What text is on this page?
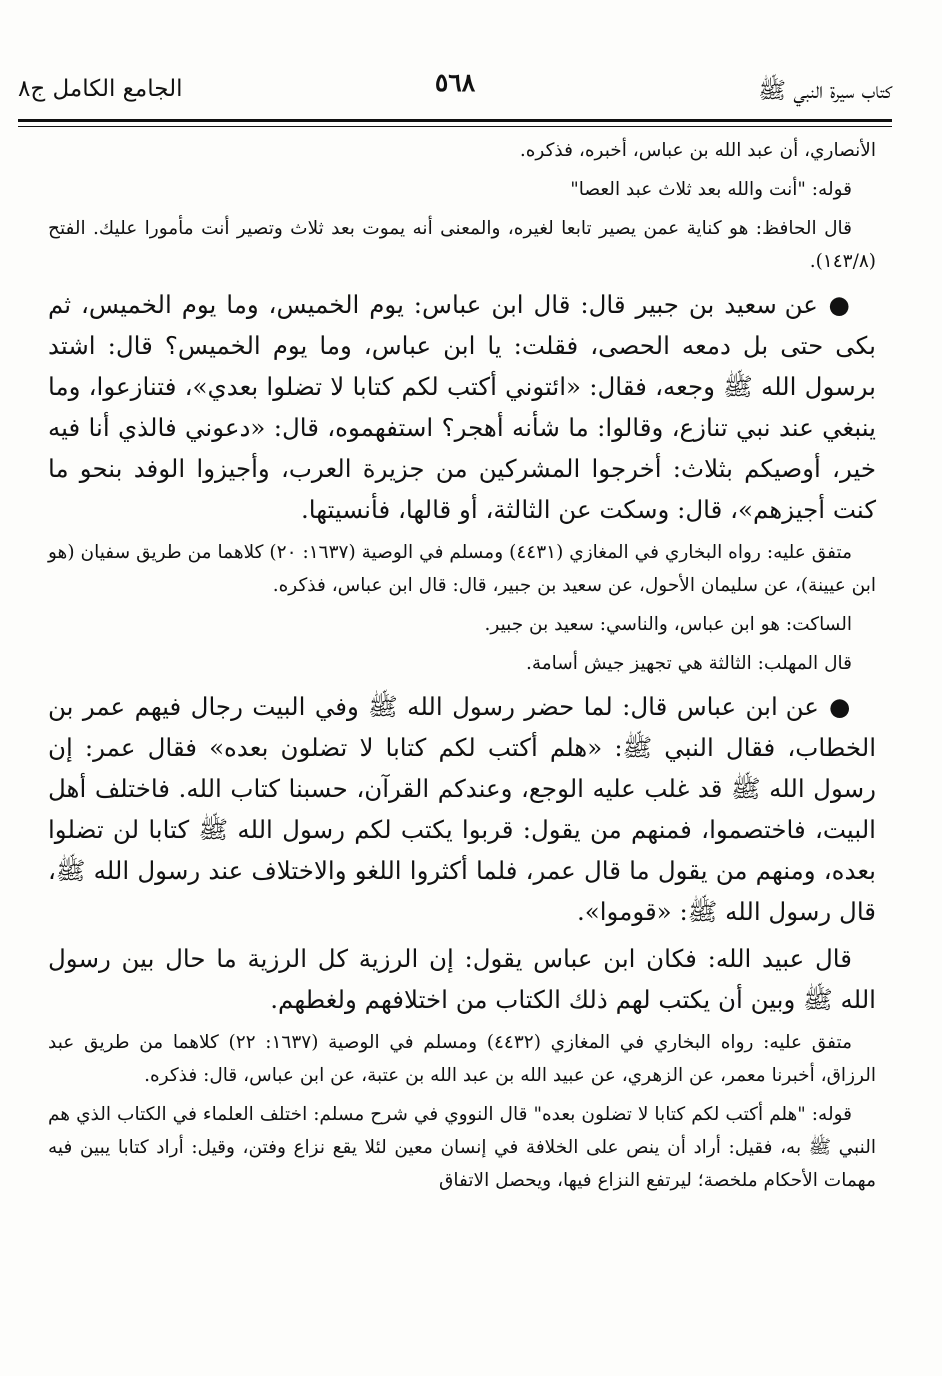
كتاب سيرة النبي ﷺ
٥٦٨
الجامع الكامل ج٨

الأنصاري، أن عبد الله بن عباس، أخبره، فذكره.

قوله: "أنت والله بعد ثلاث عبد العصا"

قال الحافظ: هو كناية عمن يصير تابعا لغيره، والمعنى أنه يموت بعد ثلاث وتصير أنت مأمورا عليك. الفتح (١٤٣/٨).

● عن سعيد بن جبير قال: قال ابن عباس: يوم الخميس، وما يوم الخميس، ثم بكى حتى بل دمعه الحصى، فقلت: يا ابن عباس، وما يوم الخميس؟ قال: اشتد برسول الله ﷺ وجعه، فقال: «ائتوني أكتب لكم كتابا لا تضلوا بعدي»، فتنازعوا، وما ينبغي عند نبي تنازع، وقالوا: ما شأنه أهجر؟ استفهموه، قال: «دعوني فالذي أنا فيه خير، أوصيكم بثلاث: أخرجوا المشركين من جزيرة العرب، وأجيزوا الوفد بنحو ما كنت أجيزهم»، قال: وسكت عن الثالثة، أو قالها، فأنسيتها.

متفق عليه: رواه البخاري في المغازي (٤٤٣١) ومسلم في الوصية (١٦٣٧: ٢٠) كلاهما من طريق سفيان (هو ابن عيينة)، عن سليمان الأحول، عن سعيد بن جبير، قال: قال ابن عباس، فذكره.

الساكت: هو ابن عباس، والناسي: سعيد بن جبير.

قال المهلب: الثالثة هي تجهيز جيش أسامة.

● عن ابن عباس قال: لما حضر رسول الله ﷺ وفي البيت رجال فيهم عمر بن الخطاب، فقال النبي ﷺ: «هلم أكتب لكم كتابا لا تضلون بعده» فقال عمر: إن رسول الله ﷺ قد غلب عليه الوجع، وعندكم القرآن، حسبنا كتاب الله. فاختلف أهل البيت، فاختصموا، فمنهم من يقول: قربوا يكتب لكم رسول الله ﷺ كتابا لن تضلوا بعده، ومنهم من يقول ما قال عمر، فلما أكثروا اللغو والاختلاف عند رسول الله ﷺ، قال رسول الله ﷺ: «قوموا».

قال عبيد الله: فكان ابن عباس يقول: إن الرزية كل الرزية ما حال بين رسول الله ﷺ وبين أن يكتب لهم ذلك الكتاب من اختلافهم ولغطهم.

متفق عليه: رواه البخاري في المغازي (٤٤٣٢) ومسلم في الوصية (١٦٣٧: ٢٢) كلاهما من طريق عبد الرزاق، أخبرنا معمر، عن الزهري، عن عبيد الله بن عبد الله بن عتبة، عن ابن عباس، قال: فذكره.

قوله: "هلم أكتب لكم كتابا لا تضلون بعده" قال النووي في شرح مسلم: اختلف العلماء في الكتاب الذي هم النبي ﷺ به، فقيل: أراد أن ينص على الخلافة في إنسان معين لئلا يقع نزاع وفتن، وقيل: أراد كتابا يبين فيه مهمات الأحكام ملخصة؛ ليرتفع النزاع فيها، ويحصل الاتفاق
